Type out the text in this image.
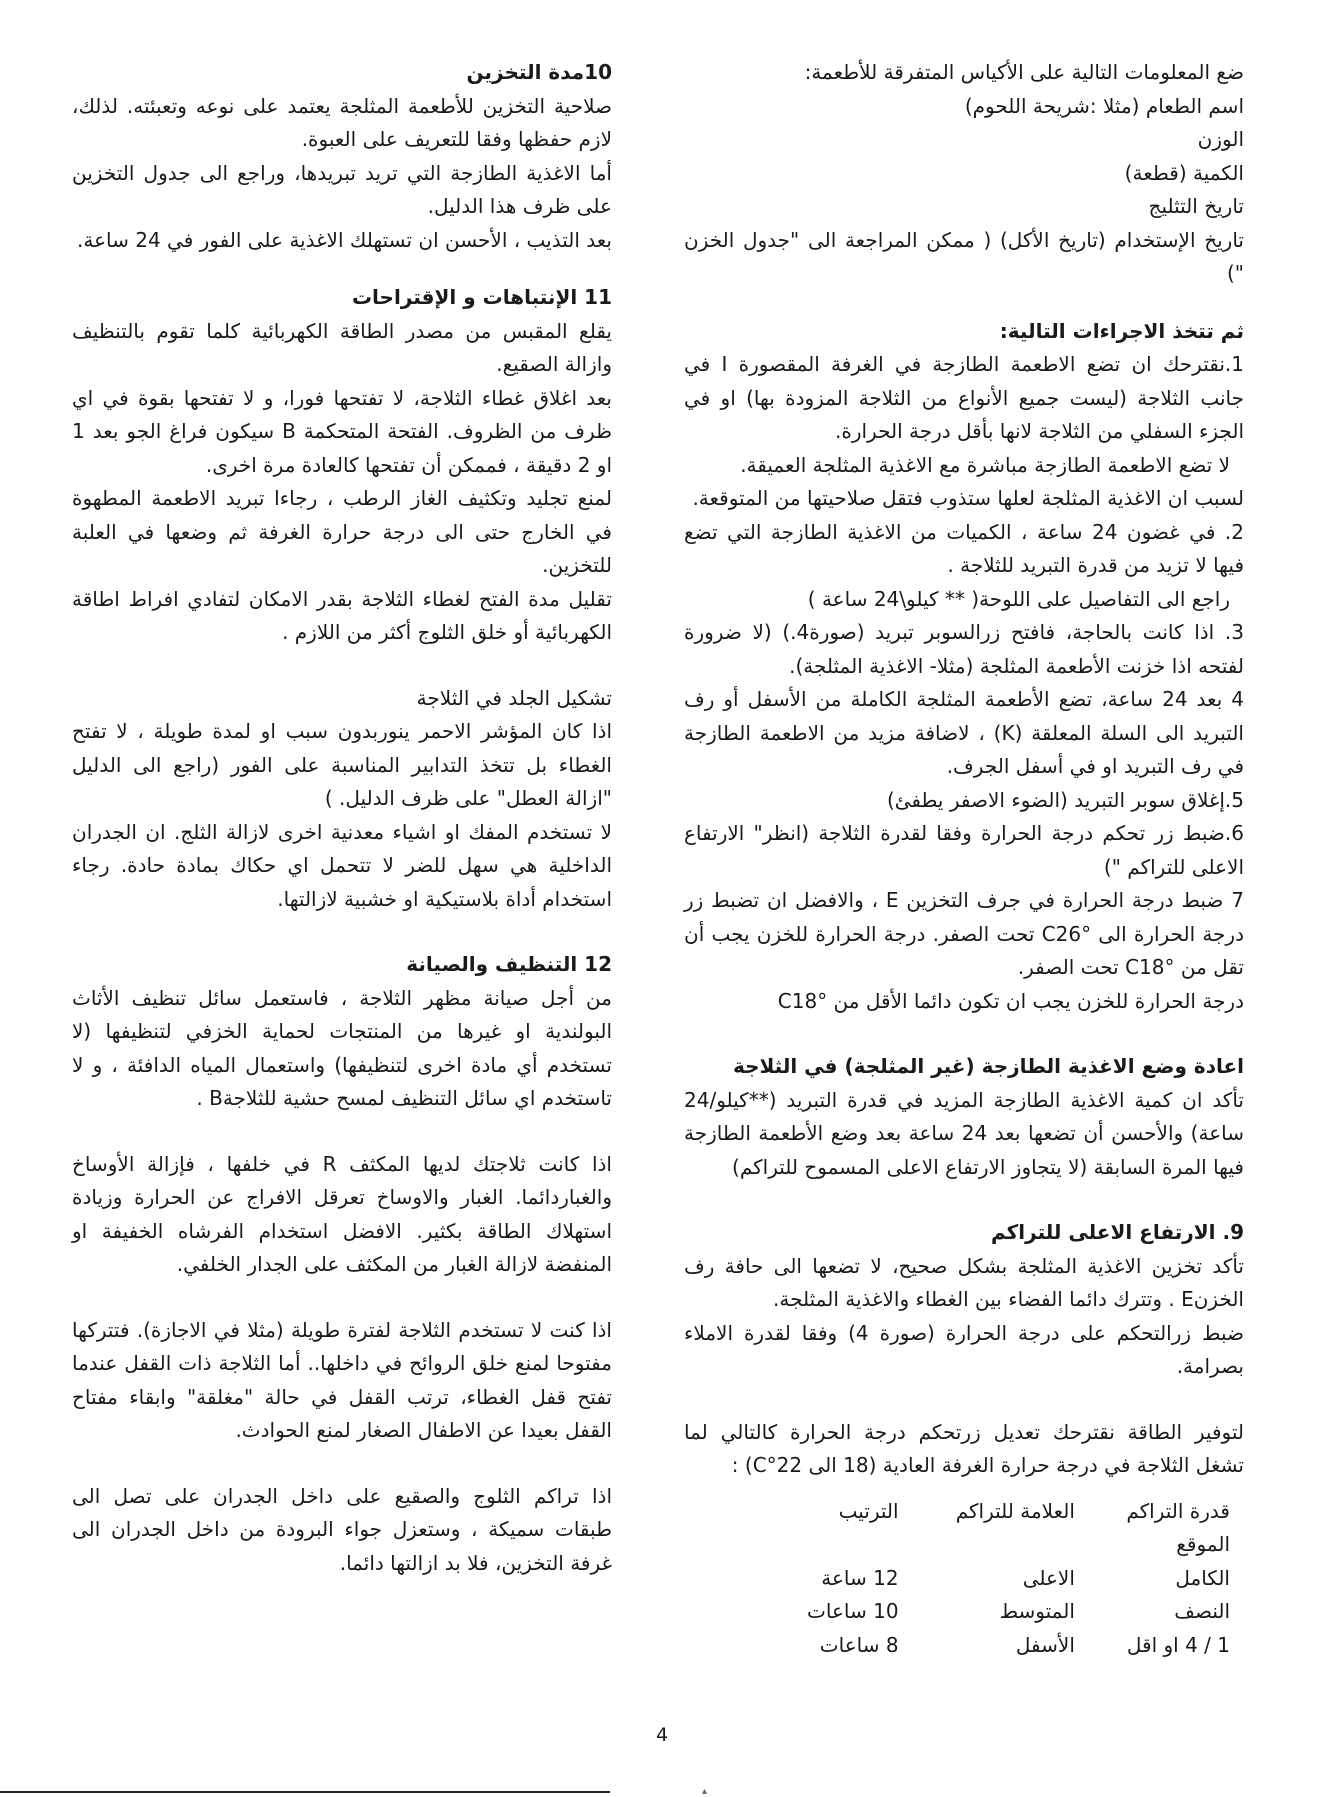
ضع المعلومات التالية على الأكياس المتفرقة للأطعمة:

اسم الطعام (مثلا :شريحة اللحوم)

الوزن

الكمية (قطعة)

تاريخ التثليج

تاريخ الإستخدام (تاريخ الأكل) ( ممكن المراجعة الى "جدول الخزن ")

ثم تتخذ الاجراءات التالية:

1.نقترحك ان تضع الاطعمة الطازجة في الغرفة المقصورة I في جانب الثلاجة (ليست جميع الأنواع من الثلاجة المزودة بها) او في الجزء السفلي من الثلاجة لانها بأقل درجة الحرارة.

لا تضع الاطعمة الطازجة مباشرة مع الاغذية المثلجة العميقة.

لسبب ان الاغذية المثلجة لعلها ستذوب فتقل صلاحيتها من المتوقعة.

2. في غضون 24 ساعة ، الكميات من الاغذية الطازجة التي تضع فيها لا تزيد من قدرة التبريد للثلاجة .

راجع الى التفاصيل على اللوحة( ** كيلو\24 ساعة )

3. اذا كانت بالحاجة، فافتح زرالسوبر تبريد (صورة4.) (لا ضرورة لفتحه اذا خزنت الأطعمة المثلجة (مثلا- الاغذية المثلجة).

4 بعد 24 ساعة، تضع الأطعمة المثلجة الكاملة من الأسفل أو رف التبريد الى السلة المعلقة (K) ، لاضافة مزيد من الاطعمة الطازجة في رف التبريد او في أسفل الجرف.

5.إغلاق سوبر التبريد (الضوء الاصفر يطفئ)

6.ضبط زر تحكم درجة الحرارة وفقا لقدرة الثلاجة (انظر" الارتفاع الاعلى للتراكم ")

7 ضبط درجة الحرارة في جرف التخزين E ، والافضل ان تضبط زر درجة الحرارة الى C26° تحت الصفر. درجة الحرارة للخزن يجب أن تقل من C18° تحت الصفر.

درجة الحرارة للخزن يجب ان تكون دائما الأقل من C18°

اعادة وضع الاغذية الطازجة (غير المثلجة) في الثلاجة

تأكد ان كمية الاغذية الطازجة المزيد في قدرة التبريد (**كيلو/24 ساعة) والأحسن أن تضعها بعد 24 ساعة بعد وضع الأطعمة الطازجة فيها المرة السابقة (لا يتجاوز الارتفاع الاعلى المسموح للتراكم)

9. الارتفاع الاعلى للتراكم

تأكد تخزين الاغذية المثلجة بشكل صحيح، لا تضعها الى حافة رف الخزنE . وتترك دائما الفضاء بين الغطاء والاغذية المثلجة.

ضبط زرالتحكم على درجة الحرارة (صورة 4) وفقا لقدرة الاملاء بصرامة.

لتوفير الطاقة نقترحك تعديل زرتحكم درجة الحرارة كالتالي لما تشغل الثلاجة في درجة حرارة الغرفة العادية (18 الى 22°C) :

قدرة التراكم	العلامة للتراكم	الترتيب
الموقع		
الكامل	الاعلى	12 ساعة
النصف	المتوسط	10 ساعات
1 / 4 او اقل	الأسفل	8 ساعات

10مدة التخزين

صلاحية التخزين للأطعمة المثلجة يعتمد على نوعه وتعبئته. لذلك، لازم حفظها وفقا للتعريف على العبوة.

أما الاغذية الطازجة التي تريد تبريدها، وراجع الى جدول التخزين على ظرف هذا الدليل.

بعد التذيب ، الأحسن ان تستهلك الاغذية على الفور في 24 ساعة.

11 الإنتباهات و الإقتراحات

يقلع المقبس من مصدر الطاقة الكهربائية كلما تقوم بالتنظيف وازالة الصقيع.

بعد اغلاق غطاء الثلاجة، لا تفتحها فورا، و لا تفتحها بقوة في اي ظرف من الظروف. الفتحة المتحكمة B سيكون فراغ الجو بعد 1 او 2 دقيقة ، فممكن أن تفتحها كالعادة مرة اخرى.

لمنع تجليد وتكثيف الغاز الرطب ، رجاءا تبريد الاطعمة المطهوة في الخارج حتى الى درجة حرارة الغرفة ثم وضعها في العلبة للتخزين.

تقليل مدة الفتح لغطاء الثلاجة بقدر الامكان لتفادي افراط اطاقة الكهربائية أو خلق الثلوج أكثر من اللازم .

تشكيل الجلد في الثلاجة

اذا كان المؤشر الاحمر ينوربدون سبب او لمدة طويلة ، لا تفتح الغطاء بل تتخذ التدابير المناسبة على الفور (راجع الى الدليل "ازالة العطل" على ظرف الدليل. )

لا تستخدم المفك او اشياء معدنية اخرى لازالة الثلج. ان الجدران الداخلية هي سهل للضر لا تتحمل اي حكاك بمادة حادة. رجاء استخدام أداة بلاستيكية او خشبية لازالتها.

12 التنظيف والصيانة

من أجل صيانة مظهر الثلاجة ، فاستعمل سائل تنظيف الأثاث البولندية او غيرها من المنتجات لحماية الخزفي لتنظيفها (لا تستخدم أي مادة اخرى لتنظيفها) واستعمال المياه الدافئة ، و لا تاستخدم اي سائل التنظيف لمسح حشية للثلاجةB .

اذا كانت ثلاجتك لديها المكثف R في خلفها ، فإزالة الأوساخ والغباردائما. الغبار والاوساخ تعرقل الافراج عن الحرارة وزيادة استهلاك الطاقة بكثير. الافضل استخدام الفرشاه الخفيفة او المنفضة لازالة الغبار من المكثف على الجدار الخلفي.

اذا كنت لا تستخدم الثلاجة لفترة طويلة (مثلا في الاجازة). فتتركها مفتوحا لمنع خلق الروائح في داخلها.. أما الثلاجة ذات القفل عندما تفتح قفل الغطاء، ترتب القفل في حالة "مغلقة" وابقاء مفتاح القفل بعيدا عن الاطفال الصغار لمنع الحوادث.

اذا تراكم الثلوج والصقيع على داخل الجدران على تصل الى طبقات سميكة ، وستعزل جواء البرودة من داخل الجدران الى غرفة التخزين، فلا بد ازالتها دائما.

4
▴
